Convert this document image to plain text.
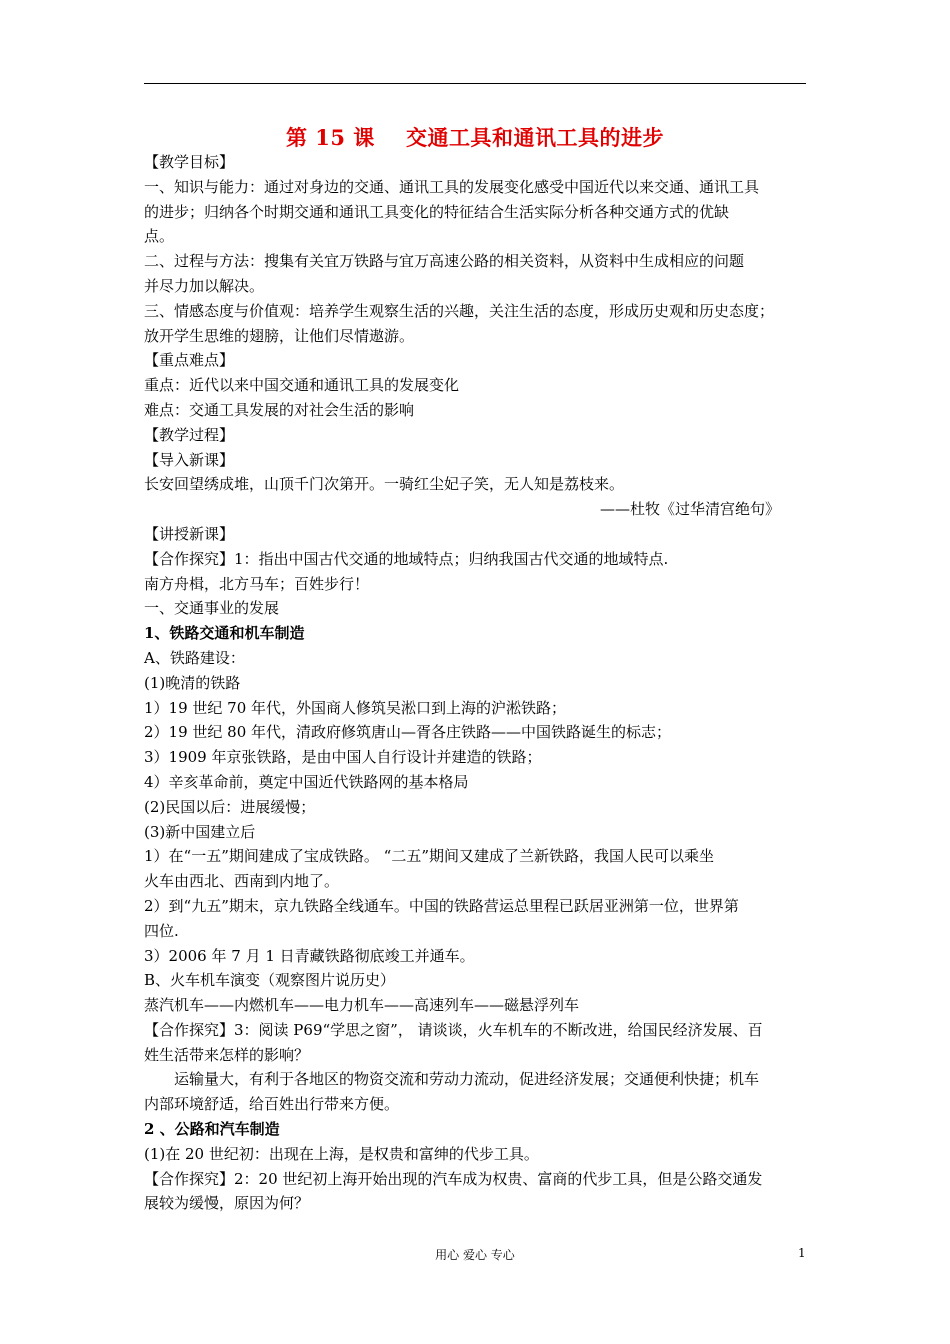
第 15 课    交通工具和通讯工具的进步
【教学目标】
一、知识与能力：通过对身边的交通、通讯工具的发展变化感受中国近代以来交通、通讯工具
的进步；归纳各个时期交通和通讯工具变化的特征结合生活实际分析各种交通方式的优缺
点。
二、过程与方法：搜集有关宜万铁路与宜万高速公路的相关资料，从资料中生成相应的问题
并尽力加以解决。
三、情感态度与价值观：培养学生观察生活的兴趣，关注生活的态度，形成历史观和历史态度；
放开学生思维的翅膀，让他们尽情遨游。
【重点难点】
重点：近代以来中国交通和通讯工具的发展变化
难点：交通工具发展的对社会生活的影响
【教学过程】
【导入新课】
长安回望绣成堆，山顶千门次第开。一骑红尘妃子笑，无人知是荔枝来。
——杜牧《过华清宫绝句》
【讲授新课】
【合作探究】1：指出中国古代交通的地域特点；归纳我国古代交通的地域特点.
南方舟楫，北方马车；百姓步行！
一、交通事业的发展
1、铁路交通和机车制造
A、铁路建设：
(1)晚清的铁路
1）19 世纪 70 年代，外国商人修筑吴淞口到上海的沪淞铁路；
2）19 世纪 80 年代，清政府修筑唐山—胥各庄铁路——中国铁路诞生的标志；
3）1909 年京张铁路，是由中国人自行设计并建造的铁路；
4）辛亥革命前，奠定中国近代铁路网的基本格局
(2)民国以后：进展缓慢；
(3)新中国建立后
1）在“一五”期间建成了宝成铁路。 “二五”期间又建成了兰新铁路，我国人民可以乘坐
火车由西北、西南到内地了。
2）到“九五”期末，京九铁路全线通车。中国的铁路营运总里程已跃居亚洲第一位，世界第
四位.
3）2006 年 7 月 1 日青藏铁路彻底竣工并通车。
B、火车机车演变（观察图片说历史）
蒸汽机车——内燃机车——电力机车——高速列车——磁悬浮列车
【合作探究】3：阅读 P69“学思之窗”， 请谈谈，火车机车的不断改进，给国民经济发展、百
姓生活带来怎样的影响？
运输量大，有利于各地区的物资交流和劳动力流动，促进经济发展；交通便利快捷；机车
内部环境舒适，给百姓出行带来方便。
2 、公路和汽车制造
(1)在 20 世纪初：出现在上海，是权贵和富绅的代步工具。
【合作探究】2：20 世纪初上海开始出现的汽车成为权贵、富商的代步工具，但是公路交通发
展较为缓慢，原因为何？
用心 爱心 专心	1
